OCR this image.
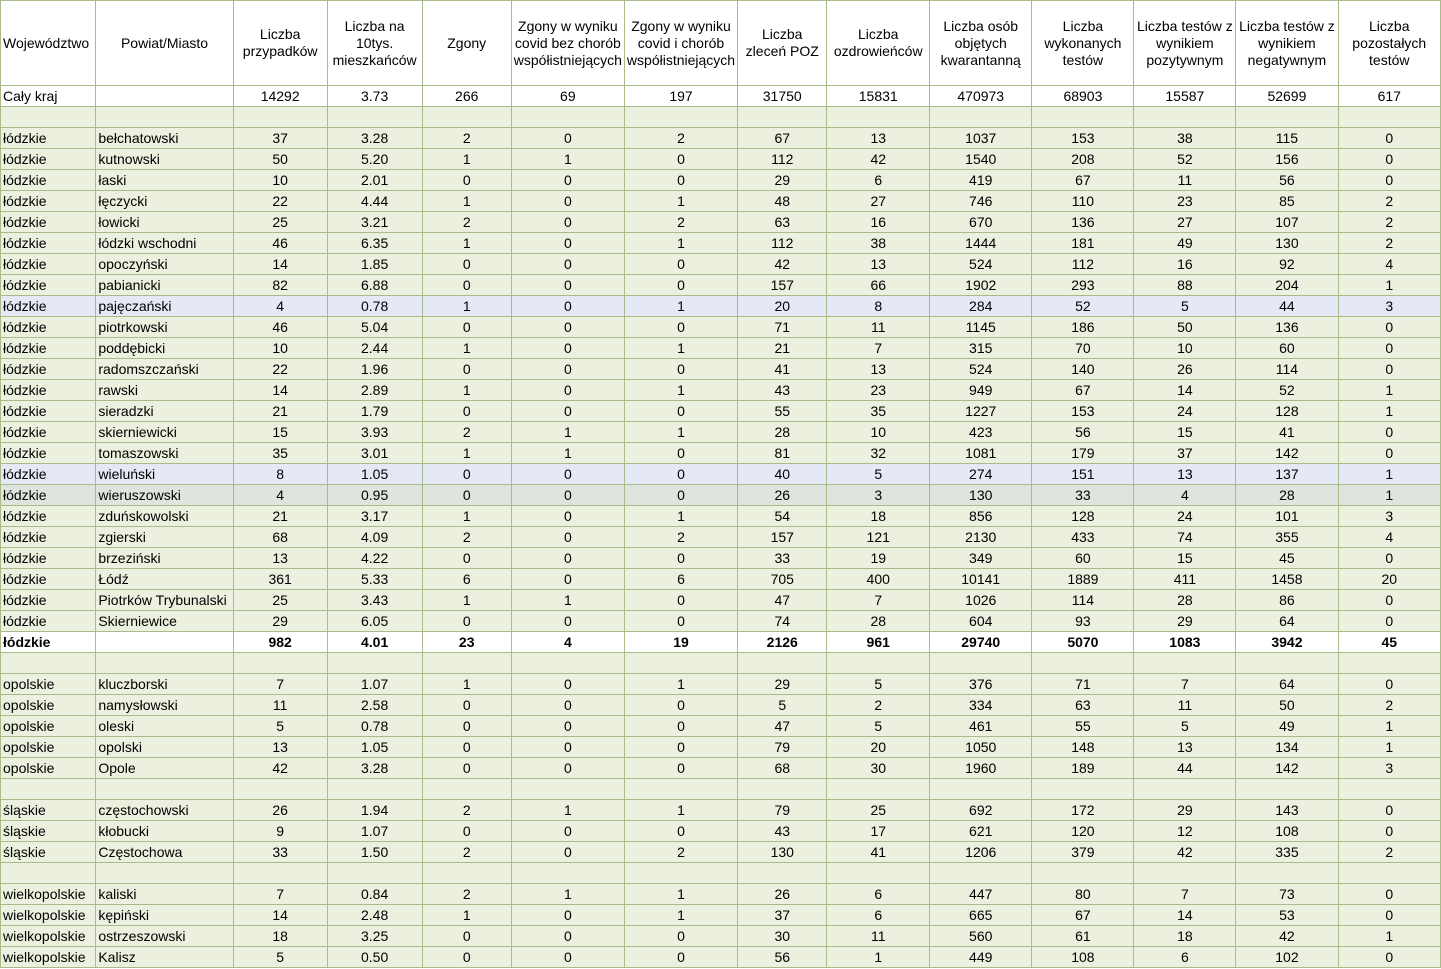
Województwo	Powiat/Miasto	Liczba przypadków	Liczba na 10tys. mieszkańców	Zgony	Zgony w wyniku covid bez chorób współistniejących	Zgony w wyniku covid i chorób współistniejących	Liczba zleceń POZ	Liczba ozdrowieńców	Liczba osób objętych kwarantanną	Liczba wykonanych testów	Liczba testów z wynikiem pozytywnym	Liczba testów z wynikiem negatywnym	Liczba pozostałych testów
Cały kraj		14292	3.73	266	69	197	31750	15831	470973	68903	15587	52699	617

łódzkie	bełchatowski	37	3.28	2	0	2	67	13	1037	153	38	115	0
łódzkie	kutnowski	50	5.20	1	1	0	112	42	1540	208	52	156	0
łódzkie	łaski	10	2.01	0	0	0	29	6	419	67	11	56	0
łódzkie	łęczycki	22	4.44	1	0	1	48	27	746	110	23	85	2
łódzkie	łowicki	25	3.21	2	0	2	63	16	670	136	27	107	2
łódzkie	łódzki wschodni	46	6.35	1	0	1	112	38	1444	181	49	130	2
łódzkie	opoczyński	14	1.85	0	0	0	42	13	524	112	16	92	4
łódzkie	pabianicki	82	6.88	0	0	0	157	66	1902	293	88	204	1
łódzkie	pajęczański	4	0.78	1	0	1	20	8	284	52	5	44	3
łódzkie	piotrkowski	46	5.04	0	0	0	71	11	1145	186	50	136	0
łódzkie	poddębicki	10	2.44	1	0	1	21	7	315	70	10	60	0
łódzkie	radomszczański	22	1.96	0	0	0	41	13	524	140	26	114	0
łódzkie	rawski	14	2.89	1	0	1	43	23	949	67	14	52	1
łódzkie	sieradzki	21	1.79	0	0	0	55	35	1227	153	24	128	1
łódzkie	skierniewicki	15	3.93	2	1	1	28	10	423	56	15	41	0
łódzkie	tomaszowski	35	3.01	1	1	0	81	32	1081	179	37	142	0
łódzkie	wieluński	8	1.05	0	0	0	40	5	274	151	13	137	1
łódzkie	wieruszowski	4	0.95	0	0	0	26	3	130	33	4	28	1
łódzkie	zduńskowolski	21	3.17	1	0	1	54	18	856	128	24	101	3
łódzkie	zgierski	68	4.09	2	0	2	157	121	2130	433	74	355	4
łódzkie	brzeziński	13	4.22	0	0	0	33	19	349	60	15	45	0
łódzkie	Łódź	361	5.33	6	0	6	705	400	10141	1889	411	1458	20
łódzkie	Piotrków Trybunalski	25	3.43	1	1	0	47	7	1026	114	28	86	0
łódzkie	Skierniewice	29	6.05	0	0	0	74	28	604	93	29	64	0
łódzkie		982	4.01	23	4	19	2126	961	29740	5070	1083	3942	45

opolskie	kluczborski	7	1.07	1	0	1	29	5	376	71	7	64	0
opolskie	namysłowski	11	2.58	0	0	0	5	2	334	63	11	50	2
opolskie	oleski	5	0.78	0	0	0	47	5	461	55	5	49	1
opolskie	opolski	13	1.05	0	0	0	79	20	1050	148	13	134	1
opolskie	Opole	42	3.28	0	0	0	68	30	1960	189	44	142	3

śląskie	częstochowski	26	1.94	2	1	1	79	25	692	172	29	143	0
śląskie	kłobucki	9	1.07	0	0	0	43	17	621	120	12	108	0
śląskie	Częstochowa	33	1.50	2	0	2	130	41	1206	379	42	335	2

wielkopolskie	kaliski	7	0.84	2	1	1	26	6	447	80	7	73	0
wielkopolskie	kępiński	14	2.48	1	0	1	37	6	665	67	14	53	0
wielkopolskie	ostrzeszowski	18	3.25	0	0	0	30	11	560	61	18	42	1
wielkopolskie	Kalisz	5	0.50	0	0	0	56	1	449	108	6	102	0
